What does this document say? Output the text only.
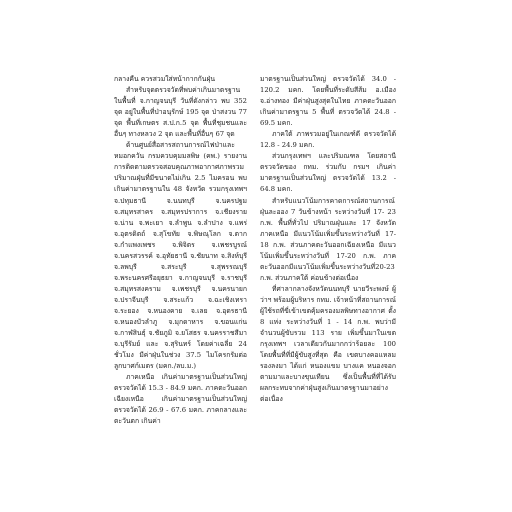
กลางคืน ควรสวมใส่หน้ากากกันฝุ่น

สำหรับจุดตรวจวัดที่พบค่าเกินมาตรฐานในพื้นที่ จ.กาญจนบุรี วันที่ดังกล่าว พบ 352 จุด อยู่ในพื้นที่ป่าอนุรักษ์ 195 จุด ป่าสงวน 77 จุด พื้นที่เกษตร ส.ป.ก.5 จุด พื้นที่ชุมชนและอื่นๆ ทางหลวง 2 จุด และพื้นที่อื่นๆ 67 จุด

ด้านศูนย์สื่อสารสถานการณ์ไฟป่าและหมอกควัน กรมควบคุมมลพิษ (คพ.) รายงานการติดตามตรวจสอบคุณภาพอากาศภาพรวมปริมาณฝุ่นที่มีขนาดไม่เกิน 2.5 ไมครอน พบเกินค่ามาตรฐานใน 48 จังหวัด รวมกรุงเทพฯ จ.ปทุมธานี จ.นนทบุรี จ.นครปฐม จ.สมุทรสาคร จ.สมุทรปราการ จ.เชียงราย จ.น่าน จ.พะเยา จ.ลำพูน จ.ลำปาง จ.แพร่ จ.อุตรดิตถ์ จ.สุโขทัย จ.พิษณุโลก จ.ตาก จ.กำแพงเพชร จ.พิจิตร จ.เพชรบูรณ์ จ.นครสวรรค์ จ.อุทัยธานี จ.ชัยนาท จ.สิงห์บุรี จ.ลพบุรี จ.สระบุรี จ.สุพรรณบุรี จ.พระนครศรีอยุธยา จ.กาญจนบุรี จ.ราชบุรี จ.สมุทรสงคราม จ.เพชรบุรี จ.นครนายก จ.ปราจีนบุรี จ.สระแก้ว จ.ฉะเชิงเทรา จ.ระยอง จ.หนองคาย จ.เลย จ.อุดรธานี จ.หนองบัวลำภู จ.มุกดาหาร จ.ขอนแก่น จ.กาฬสินธุ์ จ.ชัยภูมิ จ.ยโสธร จ.นครราชสีมา จ.บุรีรัมย์ และ จ.สุรินทร์ โดยค่าเฉลี่ย 24 ชั่วโมง มีค่าฝุ่นในช่วง 37.5 ไมโครกรัมต่อลูกบาศก์เมตร (มคก./ลบ.ม.)

ภาคเหนือ เกินค่ามาตรฐานเป็นส่วนใหญ่ ตรวจวัดได้ 15.3 - 84.9 มคก. ภาคตะวันออกเฉียงเหนือ เกินค่ามาตรฐานเป็นส่วนใหญ่ ตรวจวัดได้ 26.9 - 67.6 มคก. ภาคกลางและตะวันตก เกินค่า

มาตรฐานเป็นส่วนใหญ่ ตรวจวัดได้ 34.0 - 120.2 มคก. โดยพื้นที่ระดับสีส้ม อ.เมือง จ.อ่างทอง มีค่าฝุ่นสูงสุดในไทย ภาคตะวันออกเกินค่ามาตรฐาน 5 พื้นที่ ตรวจวัดได้ 24.8 - 69.5 มคก.

ภาคใต้ ภาพรวมอยู่ในเกณฑ์ดี ตรวจวัดได้ 12.8 - 24.9 มคก.

ส่วนกรุงเทพฯ และปริมณฑล โดยสถานีตรวจวัดของ กทม. ร่วมกับ กรมฯ เกินค่ามาตรฐานเป็นส่วนใหญ่ ตรวจวัดได้ 13.2 - 64.8 มคก.

สำหรับแนวโน้มการคาดการณ์สถานการณ์ฝุ่นละออง 7 วันข้างหน้า ระหว่างวันที่ 17- 23 ก.พ. พื้นที่ทั่วไป ปริมาณฝุ่นและ 17 จังหวัดภาคเหนือ มีแนวโน้มเพิ่มขึ้นระหว่างวันที่ 17-18 ก.พ. ส่วนภาคตะวันออกเฉียงเหนือ มีแนวโน้มเพิ่มขึ้นระหว่างวันที่ 17-20 ก.พ. ภาคตะวันออกมีแนวโน้มเพิ่มขึ้นระหว่างวันที่20-23 ก.พ. ส่วนภาคใต้ ค่อนข้างต่อเนื่อง

ที่ศาลากลางจังหวัดนนทบุรี นายวีระพงษ์ ผู้ว่าฯ พร้อมผู้บริหาร กทม. เจ้าหน้าที่สถานการณ์ผู้ใช้รถที่ขี่เข้าเขตคุ้มครองมลพิษทางอากาศ ตั้ง 8 แห่ง ระหว่างวันที่ 1 - 14 ก.พ. พบว่ามีจำนวนผู้ขับรวม 113 ราย เพิ่มขึ้นมาในเขตกรุงเทพฯ เวลาเดียวกันมากกว่าร้อยละ 100 โดยพื้นที่ที่มีผู้ขับสูงที่สุด คือ เขตบางคอแหลม รองลงมา ได้แก่ หนองแขม บางแค หนองจอก ตามมาและบางขุนเทียน ซึ่งเป็นพื้นที่ที่ได้รับผลกระทบจากค่าฝุ่นสูงเกินมาตรฐานมาอย่างต่อเนื่อง
